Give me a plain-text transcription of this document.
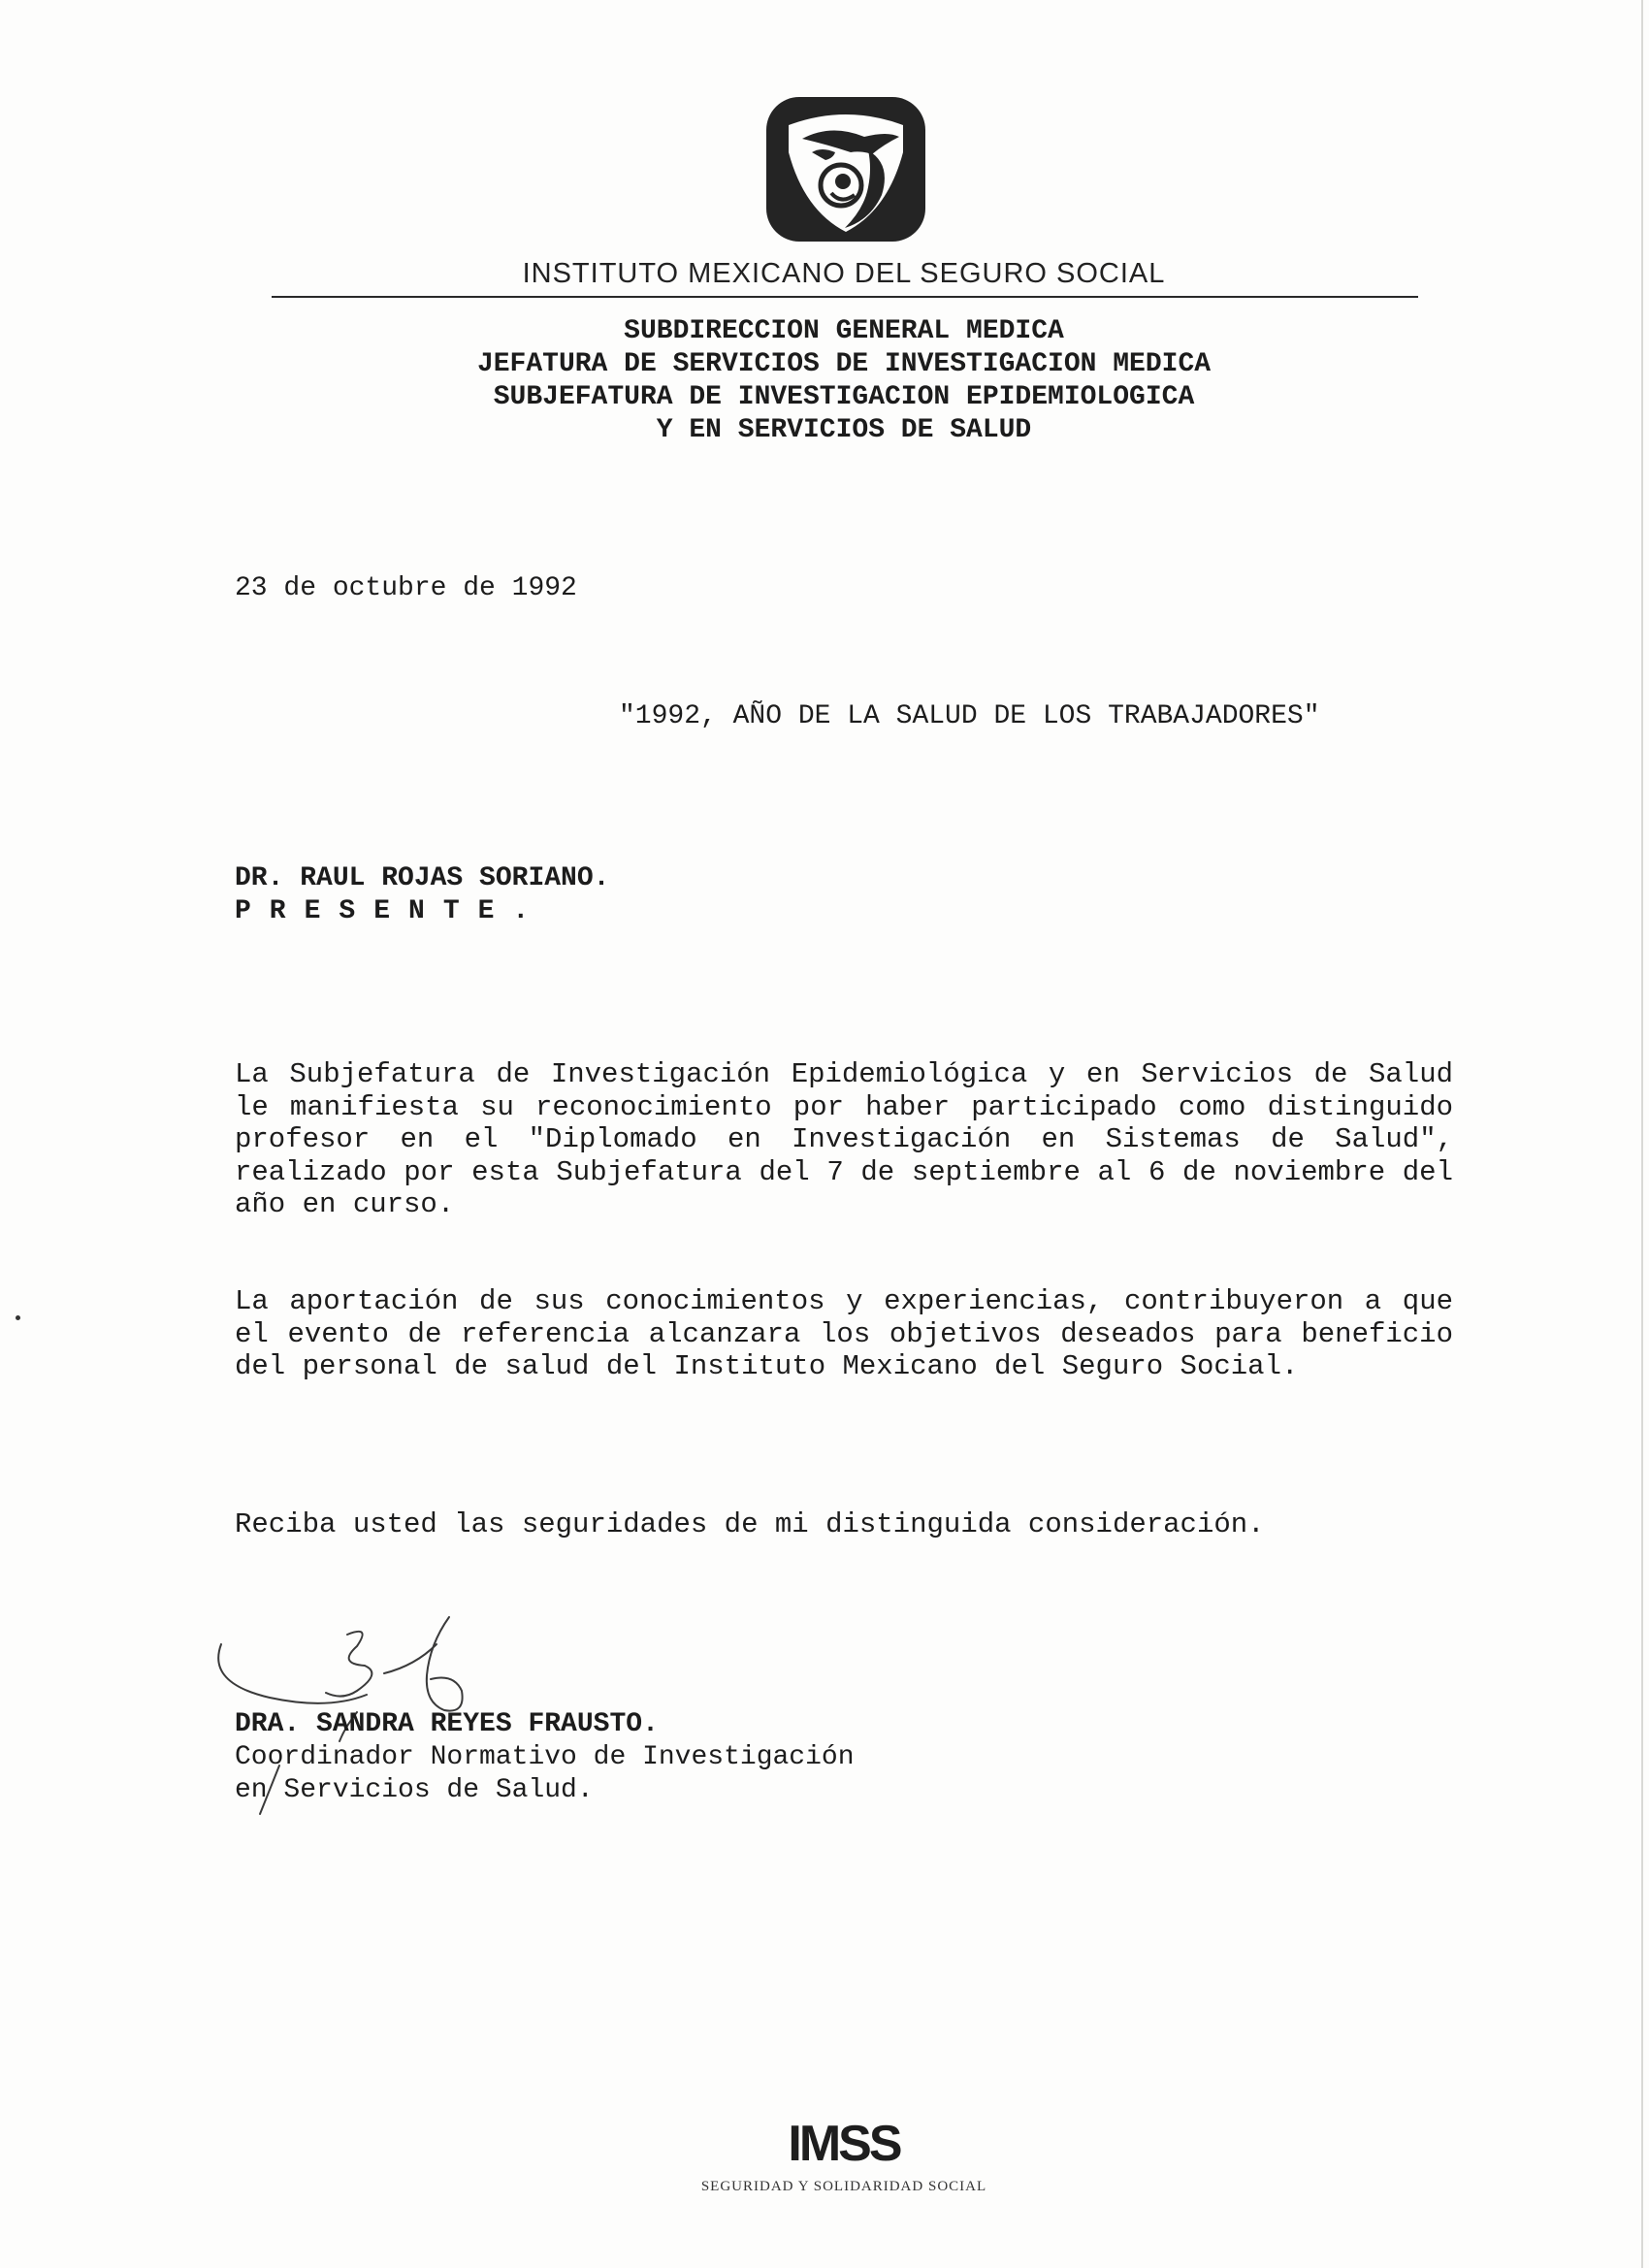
INSTITUTO MEXICANO DEL SEGURO SOCIAL
SUBDIRECCION GENERAL MEDICA
JEFATURA DE SERVICIOS DE INVESTIGACION MEDICA
SUBJEFATURA DE INVESTIGACION EPIDEMIOLOGICA
Y EN SERVICIOS DE SALUD
23 de octubre de 1992
"1992, AÑO DE LA SALUD DE LOS TRABAJADORES"
DR. RAUL ROJAS SORIANO.
PRESENTE.

La Subjefatura de Investigación Epidemiológica y en Servicios de Salud le manifiesta su reconocimiento por haber participado como distinguido profesor en el "Diplomado en Investigación en Sistemas de Salud", realizado por esta Subjefatura del 7 de septiembre al 6 de noviembre del año en curso.

La aportación de sus conocimientos y experiencias, contribuyeron a que el evento de referencia alcanzara los objetivos deseados para beneficio del personal de salud del Instituto Mexicano del Seguro Social.

Reciba usted las seguridades de mi distinguida consideración.

DRA. SANDRA REYES FRAUSTO.
Coordinador Normativo de Investigación
en Servicios de Salud.
IMSS
SEGURIDAD Y SOLIDARIDAD SOCIAL
